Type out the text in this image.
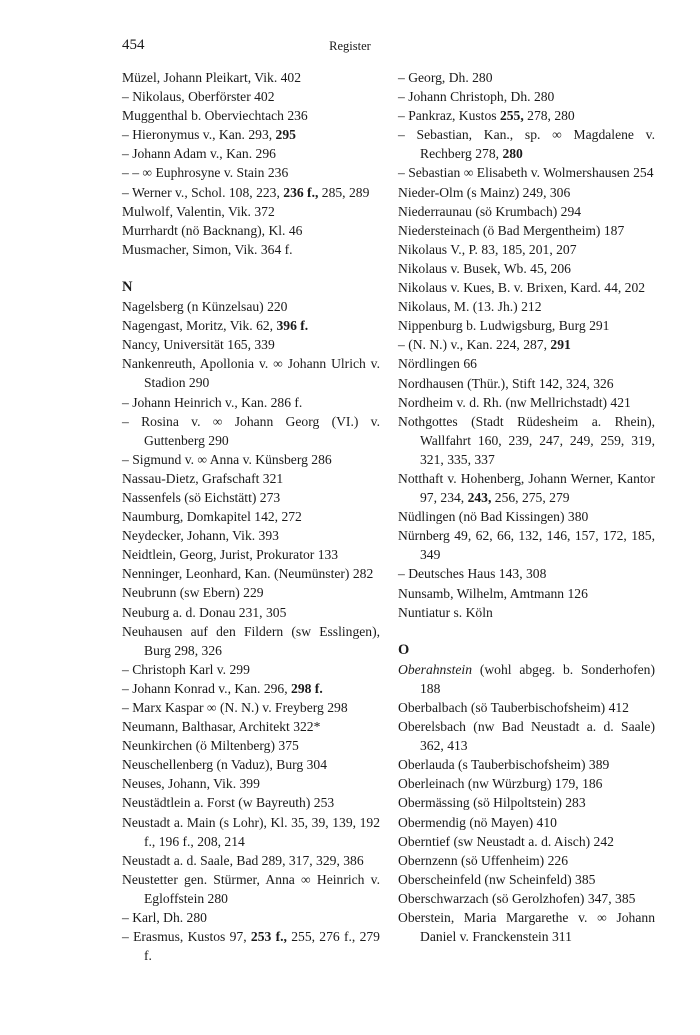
454	Register

Müzel, Johann Pleikart, Vik. 402

– Nikolaus, Oberförster 402

Muggenthal b. Oberviechtach 236

– Hieronymus v., Kan. 293, 295

– Johann Adam v., Kan. 296

– – ∞ Euphrosyne v. Stain 236

– Werner v., Schol. 108, 223, 236 f., 285, 289

Mulwolf, Valentin, Vik. 372

Murrhardt (nö Backnang), Kl. 46

Musmacher, Simon, Vik. 364 f.

N

Nagelsberg (n Künzelsau) 220

Nagengast, Moritz, Vik. 62, 396 f.

Nancy, Universität 165, 339

Nankenreuth, Apollonia v. ∞ Johann Ulrich v. Stadion 290

– Johann Heinrich v., Kan. 286 f.

– Rosina v. ∞ Johann Georg (VI.) v. Guttenberg 290

– Sigmund v. ∞ Anna v. Künsberg 286

Nassau-Dietz, Grafschaft 321

Nassenfels (sö Eichstätt) 273

Naumburg, Domkapitel 142, 272

Neydecker, Johann, Vik. 393

Neidtlein, Georg, Jurist, Prokurator 133

Nenninger, Leonhard, Kan. (Neumünster) 282

Neubrunn (sw Ebern) 229

Neuburg a. d. Donau 231, 305

Neuhausen auf den Fildern (sw Esslingen), Burg 298, 326

– Christoph Karl v. 299

– Johann Konrad v., Kan. 296, 298 f.

– Marx Kaspar ∞ (N. N.) v. Freyberg 298

Neumann, Balthasar, Architekt 322*

Neunkirchen (ö Miltenberg) 375

Neuschellenberg (n Vaduz), Burg 304

Neuses, Johann, Vik. 399

Neustädtlein a. Forst (w Bayreuth) 253

Neustadt a. Main (s Lohr), Kl. 35, 39, 139, 192 f., 196 f., 208, 214

Neustadt a. d. Saale, Bad 289, 317, 329, 386

Neustetter gen. Stürmer, Anna ∞ Heinrich v. Egloffstein 280

– Karl, Dh. 280

– Erasmus, Kustos 97, 253 f., 255, 276 f., 279 f.

– Georg, Dh. 280

– Johann Christoph, Dh. 280

– Pankraz, Kustos 255, 278, 280

– Sebastian, Kan., sp. ∞ Magdalene v. Rechberg 278, 280

– Sebastian ∞ Elisabeth v. Wolmershausen 254

Nieder-Olm (s Mainz) 249, 306

Niederraunau (sö Krumbach) 294

Niedersteinach (ö Bad Mergentheim) 187

Nikolaus V., P. 83, 185, 201, 207

Nikolaus v. Busek, Wb. 45, 206

Nikolaus v. Kues, B. v. Brixen, Kard. 44, 202

Nikolaus, M. (13. Jh.) 212

Nippenburg b. Ludwigsburg, Burg 291

– (N. N.) v., Kan. 224, 287, 291

Nördlingen 66

Nordhausen (Thür.), Stift 142, 324, 326

Nordheim v. d. Rh. (nw Mellrichstadt) 421

Nothgottes (Stadt Rüdesheim a. Rhein), Wallfahrt 160, 239, 247, 249, 259, 319, 321, 335, 337

Notthaft v. Hohenberg, Johann Werner, Kantor 97, 234, 243, 256, 275, 279

Nüdlingen (nö Bad Kissingen) 380

Nürnberg 49, 62, 66, 132, 146, 157, 172, 185, 349

– Deutsches Haus 143, 308

Nunsamb, Wilhelm, Amtmann 126

Nuntiatur s. Köln

O

Oberahnstein (wohl abgeg. b. Sonderhofen) 188

Oberbalbach (sö Tauberbischofsheim) 412

Oberelsbach (nw Bad Neustadt a. d. Saale) 362, 413

Oberlauda (s Tauberbischofsheim) 389

Oberleinach (nw Würzburg) 179, 186

Obermässing (sö Hilpoltstein) 283

Obermendig (nö Mayen) 410

Oberntief (sw Neustadt a. d. Aisch) 242

Obernzenn (sö Uffenheim) 226

Oberscheinfeld (nw Scheinfeld) 385

Oberschwarzach (sö Gerolzhofen) 347, 385

Oberstein, Maria Margarethe v. ∞ Johann Daniel v. Franckenstein 311
